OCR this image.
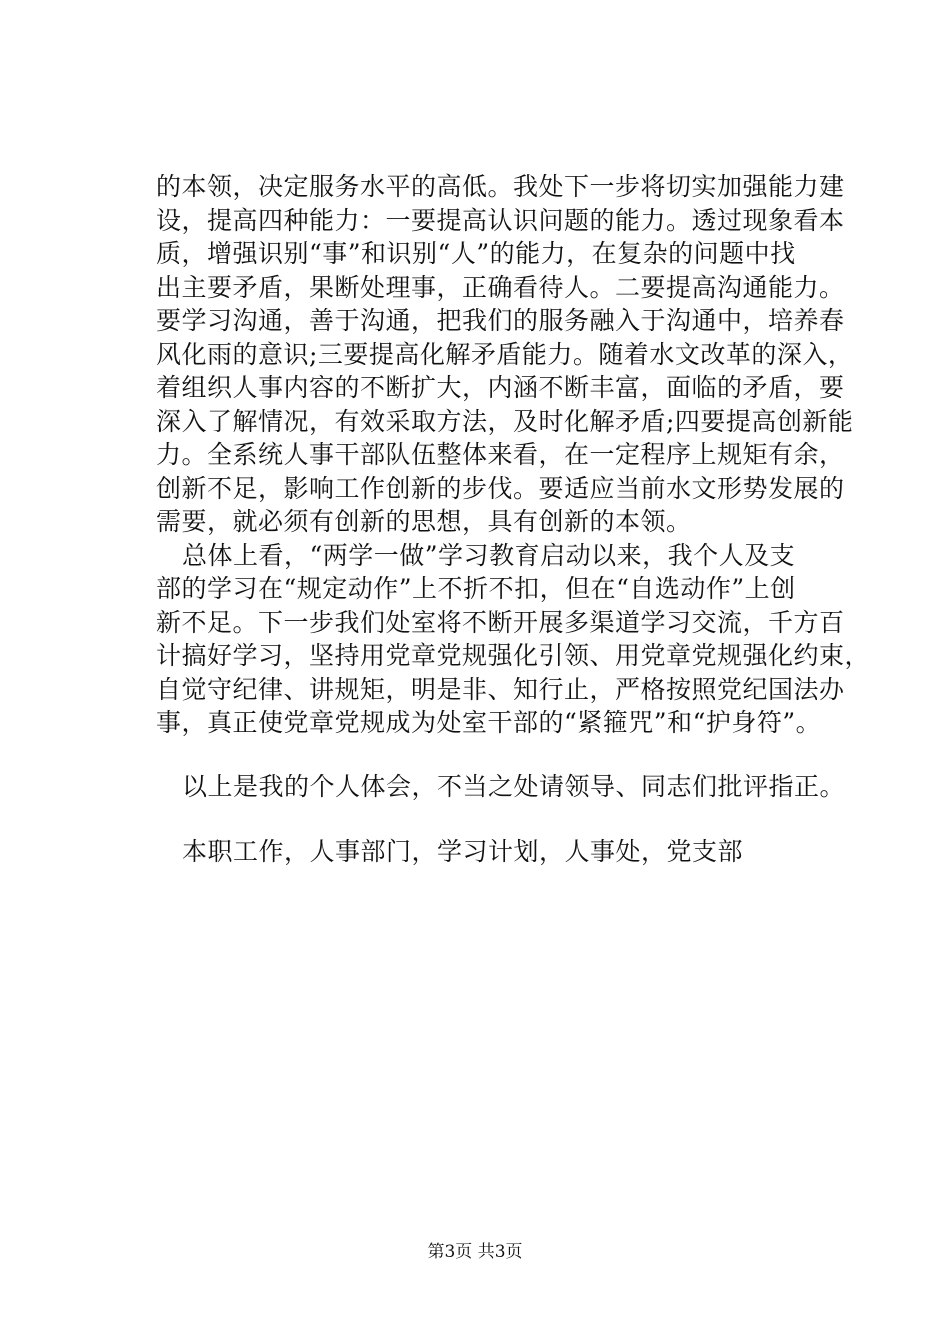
的本领，决定服务水平的高低。我处下一步将切实加强能力建
设，提高四种能力：一要提高认识问题的能力。透过现象看本
质，增强识别“事”和识别“人”的能力，在复杂的问题中找
出主要矛盾，果断处理事，正确看待人。二要提高沟通能力。
要学习沟通，善于沟通，把我们的服务融入于沟通中，培养春
风化雨的意识;三要提高化解矛盾能力。随着水文改革的深入，
着组织人事内容的不断扩大，内涵不断丰富，面临的矛盾，要
深入了解情况，有效采取方法，及时化解矛盾;四要提高创新能
力。全系统人事干部队伍整体来看，在一定程序上规矩有余，
创新不足，影响工作创新的步伐。要适应当前水文形势发展的
需要，就必须有创新的思想，具有创新的本领。
总体上看，“两学一做”学习教育启动以来，我个人及支
部的学习在“规定动作”上不折不扣，但在“自选动作”上创
新不足。下一步我们处室将不断开展多渠道学习交流，千方百
计搞好学习，坚持用党章党规强化引领、用党章党规强化约束，
自觉守纪律、讲规矩，明是非、知行止，严格按照党纪国法办
事，真正使党章党规成为处室干部的“紧箍咒”和“护身符”。
以上是我的个人体会，不当之处请领导、同志们批评指正。
本职工作，人事部门，学习计划，人事处，党支部
第3页 共3页
